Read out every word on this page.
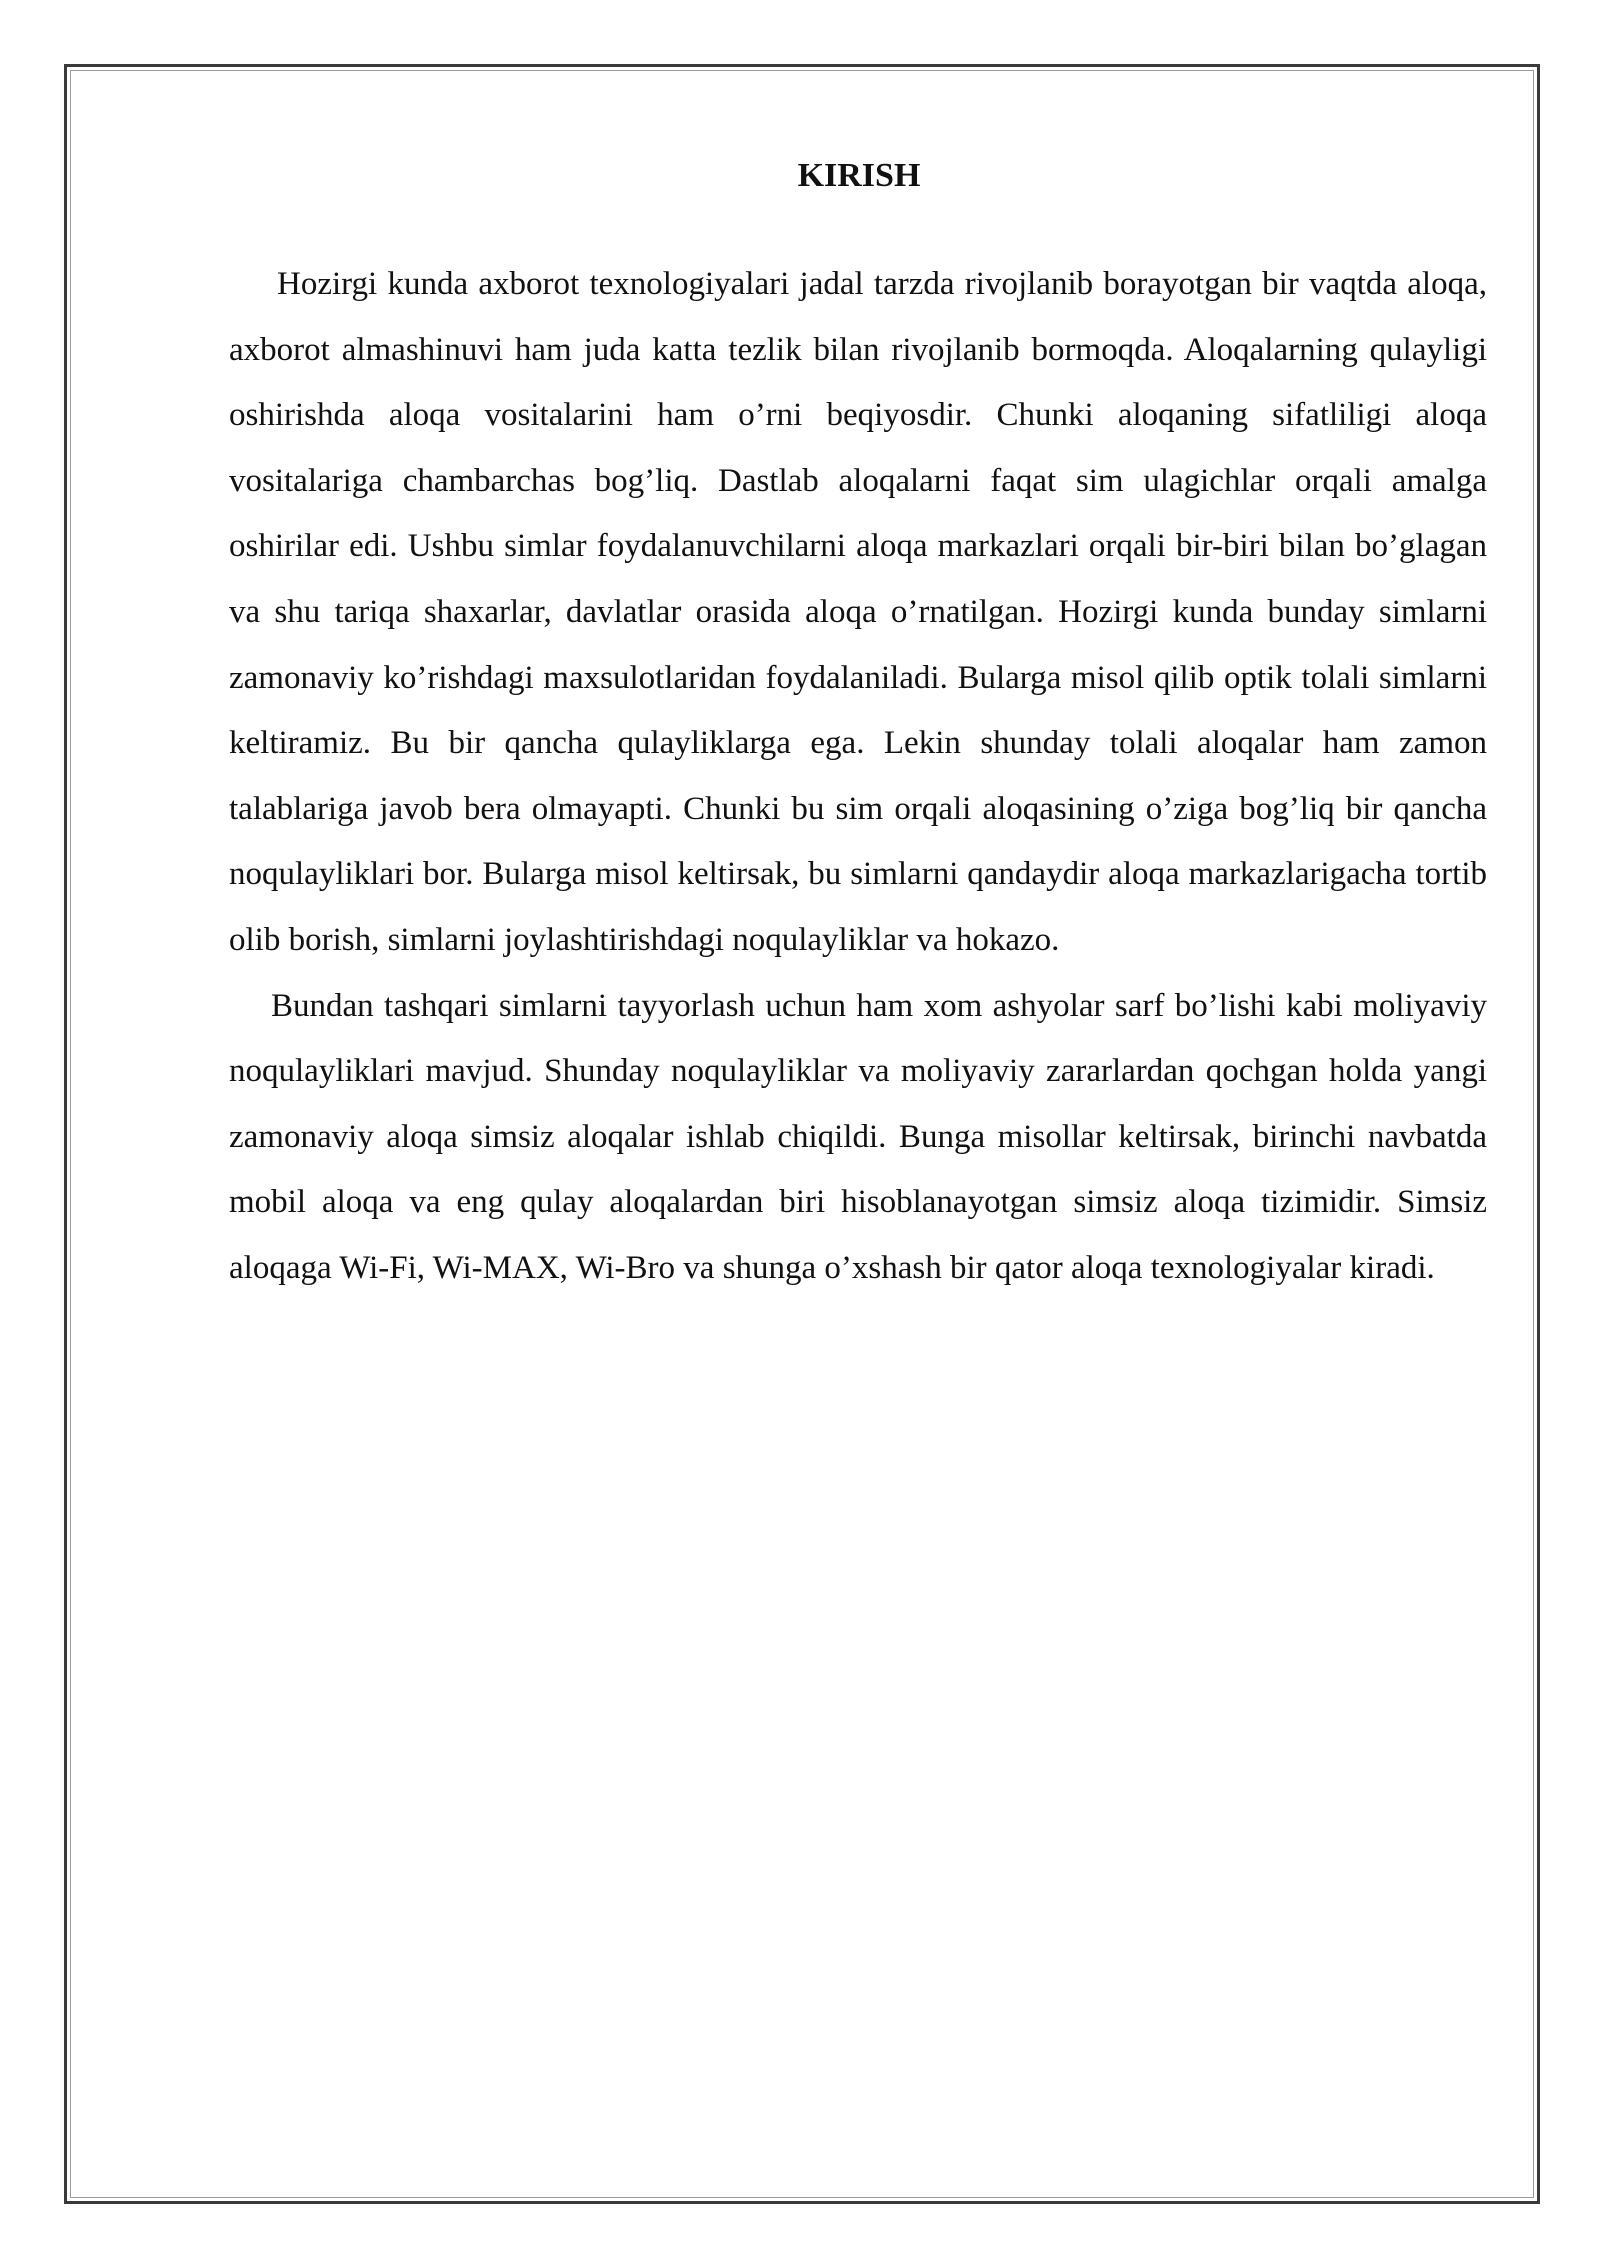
KIRISH

Hozirgi kunda axborot texnologiyalari jadal tarzda rivojlanib borayotgan bir vaqtda aloqa, axborot almashinuvi ham juda katta tezlik bilan rivojlanib bormoqda. Aloqalarning qulayligi oshirishda aloqa vositalarini ham o’rni beqiyosdir. Chunki aloqaning sifatliligi aloqa vositalariga chambarchas bog’liq. Dastlab aloqalarni faqat sim ulagichlar orqali amalga oshirilar edi. Ushbu simlar foydalanuvchilarni aloqa markazlari orqali bir-biri bilan bo’glagan va shu tariqa shaxarlar, davlatlar orasida aloqa o’rnatilgan. Hozirgi kunda bunday simlarni zamonaviy ko’rishdagi maxsulotlaridan foydalaniladi. Bularga misol qilib optik tolali simlarni keltiramiz. Bu bir qancha qulayliklarga ega. Lekin shunday tolali aloqalar ham zamon talablariga javob bera olmayapti. Chunki bu sim orqali aloqasining o’ziga bog’liq bir qancha noqulayliklari bor. Bularga misol keltirsak, bu simlarni qandaydir aloqa markazlarigacha tortib olib borish, simlarni joylashtirishdagi noqulayliklar va hokazo.

Bundan tashqari simlarni tayyorlash uchun ham xom ashyolar sarf bo’lishi kabi moliyaviy noqulayliklari mavjud. Shunday noqulayliklar va moliyaviy zararlardan qochgan holda yangi zamonaviy aloqa simsiz aloqalar ishlab chiqildi. Bunga misollar keltirsak, birinchi navbatda mobil aloqa va eng qulay aloqalardan biri hisoblanayotgan simsiz aloqa tizimidir. Simsiz aloqaga Wi-Fi, Wi-MAX, Wi-Bro va shunga o’xshash bir qator aloqa texnologiyalar kiradi.
